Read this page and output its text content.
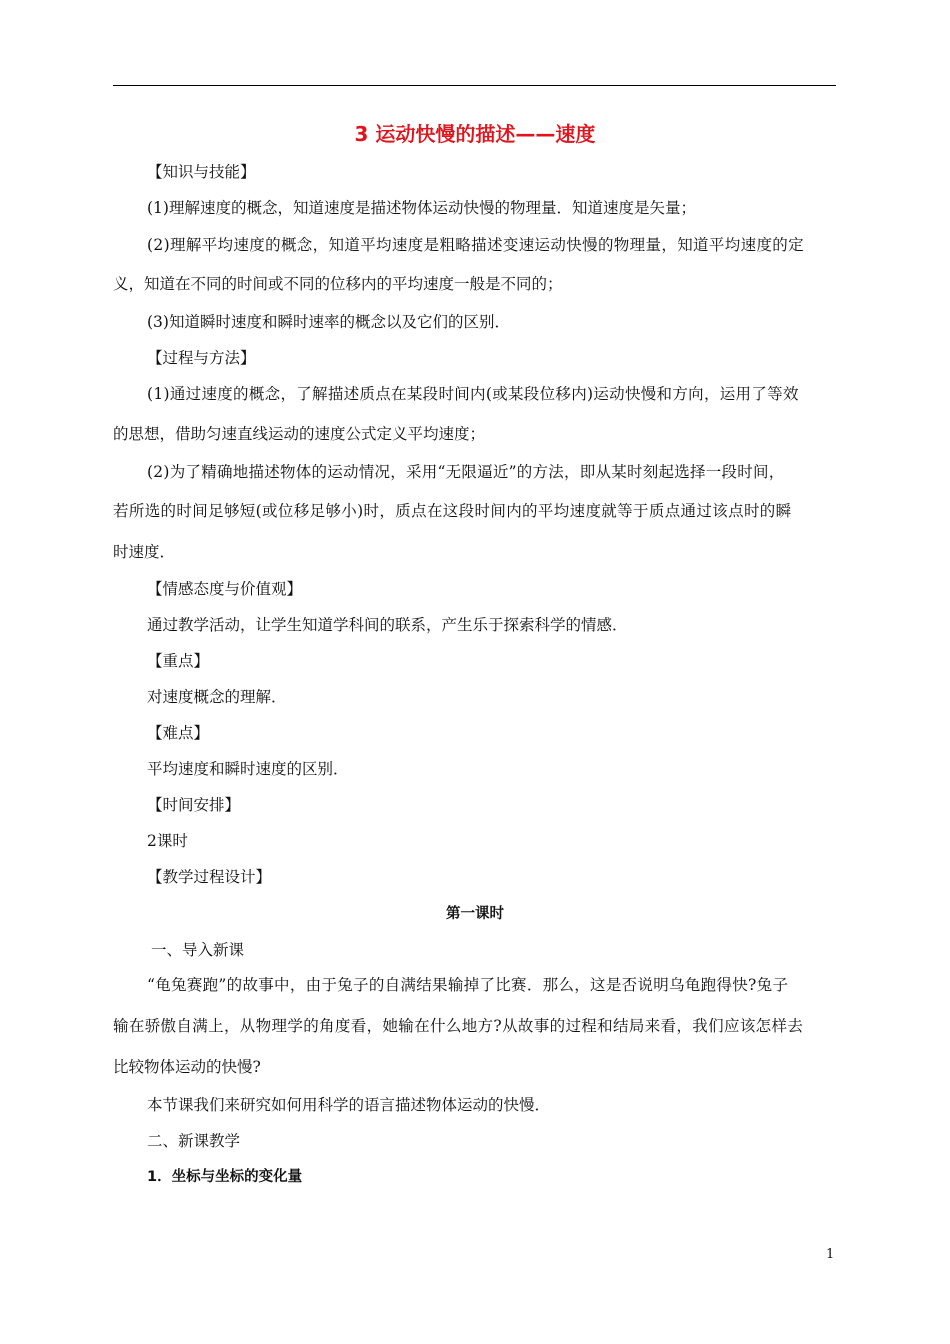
3 运动快慢的描述——速度
【知识与技能】
(1)理解速度的概念，知道速度是描述物体运动快慢的物理量．知道速度是矢量；
(2)理解平均速度的概念，知道平均速度是粗略描述变速运动快慢的物理量，知道平均速度的定
义，知道在不同的时间或不同的位移内的平均速度一般是不同的；
(3)知道瞬时速度和瞬时速率的概念以及它们的区别．
【过程与方法】
(1)通过速度的概念，了解描述质点在某段时间内(或某段位移内)运动快慢和方向，运用了等效
的思想，借助匀速直线运动的速度公式定义平均速度；
(2)为了精确地描述物体的运动情况，采用“无限逼近”的方法，即从某时刻起选择一段时间，
若所选的时间足够短(或位移足够小)时，质点在这段时间内的平均速度就等于质点通过该点时的瞬
时速度．
【情感态度与价值观】
通过教学活动，让学生知道学科间的联系，产生乐于探索科学的情感．
【重点】
对速度概念的理解．
【难点】
平均速度和瞬时速度的区别．
【时间安排】
2课时
【教学过程设计】
第一课时
一、导入新课
“龟兔赛跑”的故事中，由于兔子的自满结果输掉了比赛．那么，这是否说明乌龟跑得快?兔子
输在骄傲自满上，从物理学的角度看，她输在什么地方?从故事的过程和结局来看，我们应该怎样去
比较物体运动的快慢?
本节课我们来研究如何用科学的语言描述物体运动的快慢．
二、新课教学
1．坐标与坐标的变化量
1
